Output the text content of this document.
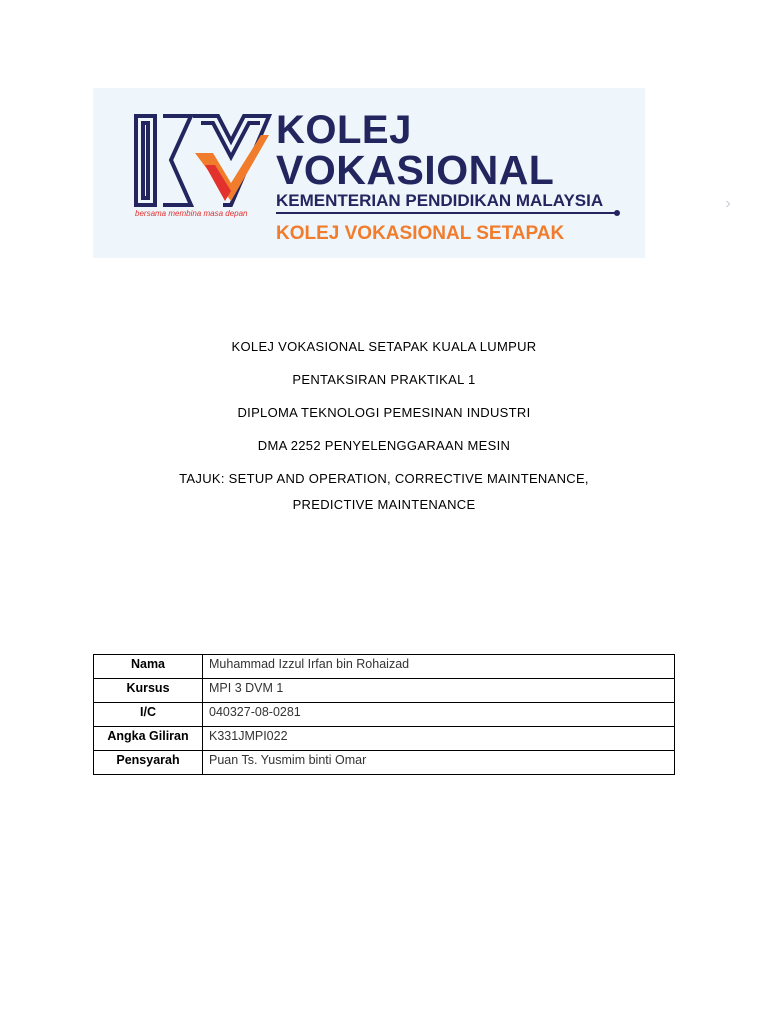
bersama membina masa depan

KOLEJ

VOKASIONAL

KEMENTERIAN PENDIDIKAN MALAYSIA

KOLEJ VOKASIONAL SETAPAK

›

KOLEJ VOKASIONAL SETAPAK KUALA LUMPUR

PENTAKSIRAN PRAKTIKAL 1

DIPLOMA TEKNOLOGI PEMESINAN INDUSTRI

DMA 2252 PENYELENGGARAAN MESIN

TAJUK: SETUP AND OPERATION, CORRECTIVE MAINTENANCE,

PREDICTIVE MAINTENANCE

Nama	Muhammad Izzul Irfan bin Rohaizad
Kursus	MPI 3 DVM 1
I/C	040327-08-0281
Angka Giliran	K331JMPI022
Pensyarah	Puan Ts. Yusmim binti Omar
